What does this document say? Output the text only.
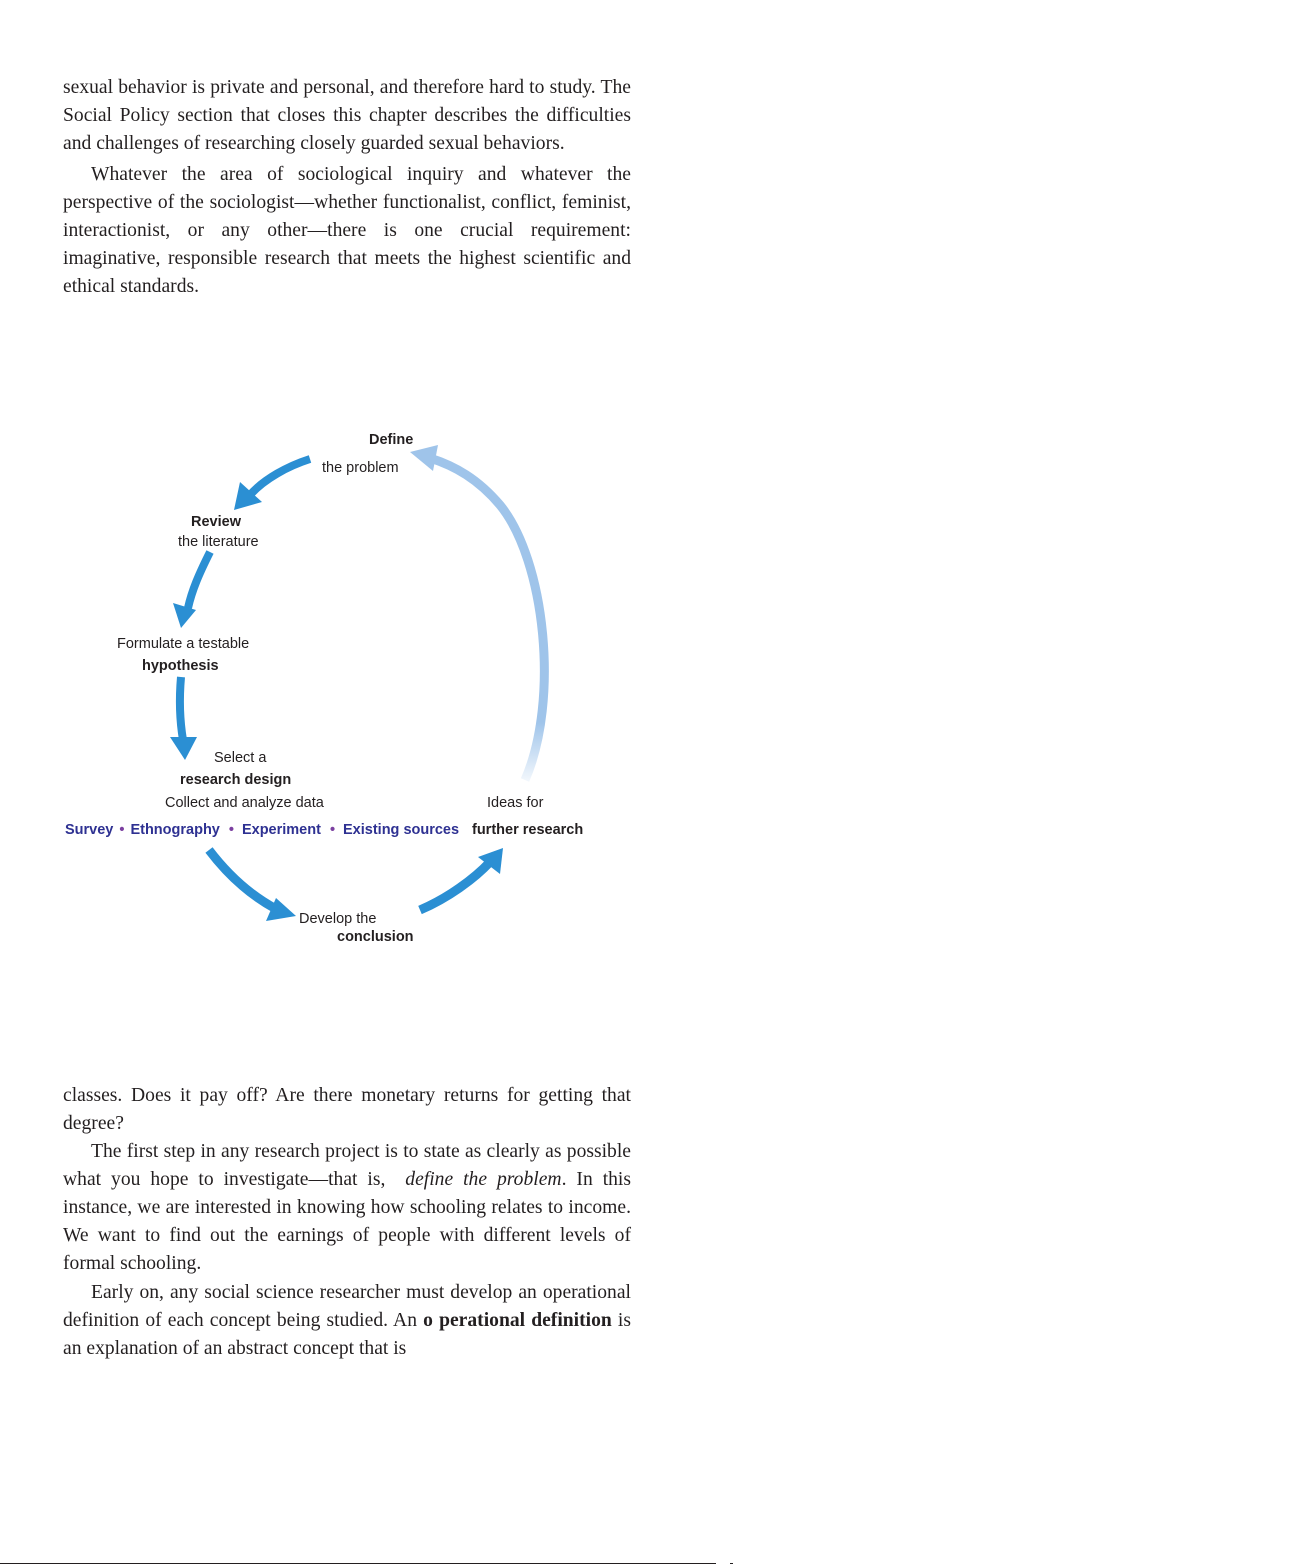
sexual behavior is private and personal, and therefore hard to study. The Social Policy section that closes this chapter describes the difficulties and challenges of researching closely guarded sexual behaviors.

Whatever the area of sociological inquiry and whatever the perspective of the sociologist—whether functionalist, conflict, feminist, interactionist, or any other—there is one crucial requirement: imaginative, responsible research that meets the highest scientific and ethical standards.

Define
the problem
Review
the literature
Formulate a testable
hypothesis
Select a
research design
Collect and analyze data
Survey • Ethnography • Experiment • Existing sources
Ideas for
further research
Develop the
conclusion

classes. Does it pay off? Are there monetary returns for getting that degree?

The first step in any research project is to state as clearly as possible what you hope to investigate—that is, define the problem. In this instance, we are interested in knowing how schooling relates to income. We want to find out the earnings of people with different levels of formal schooling.

Early on, any social science researcher must develop an operational definition of each concept being studied. An o perational definition is

an explanation of an abstract concept that is
